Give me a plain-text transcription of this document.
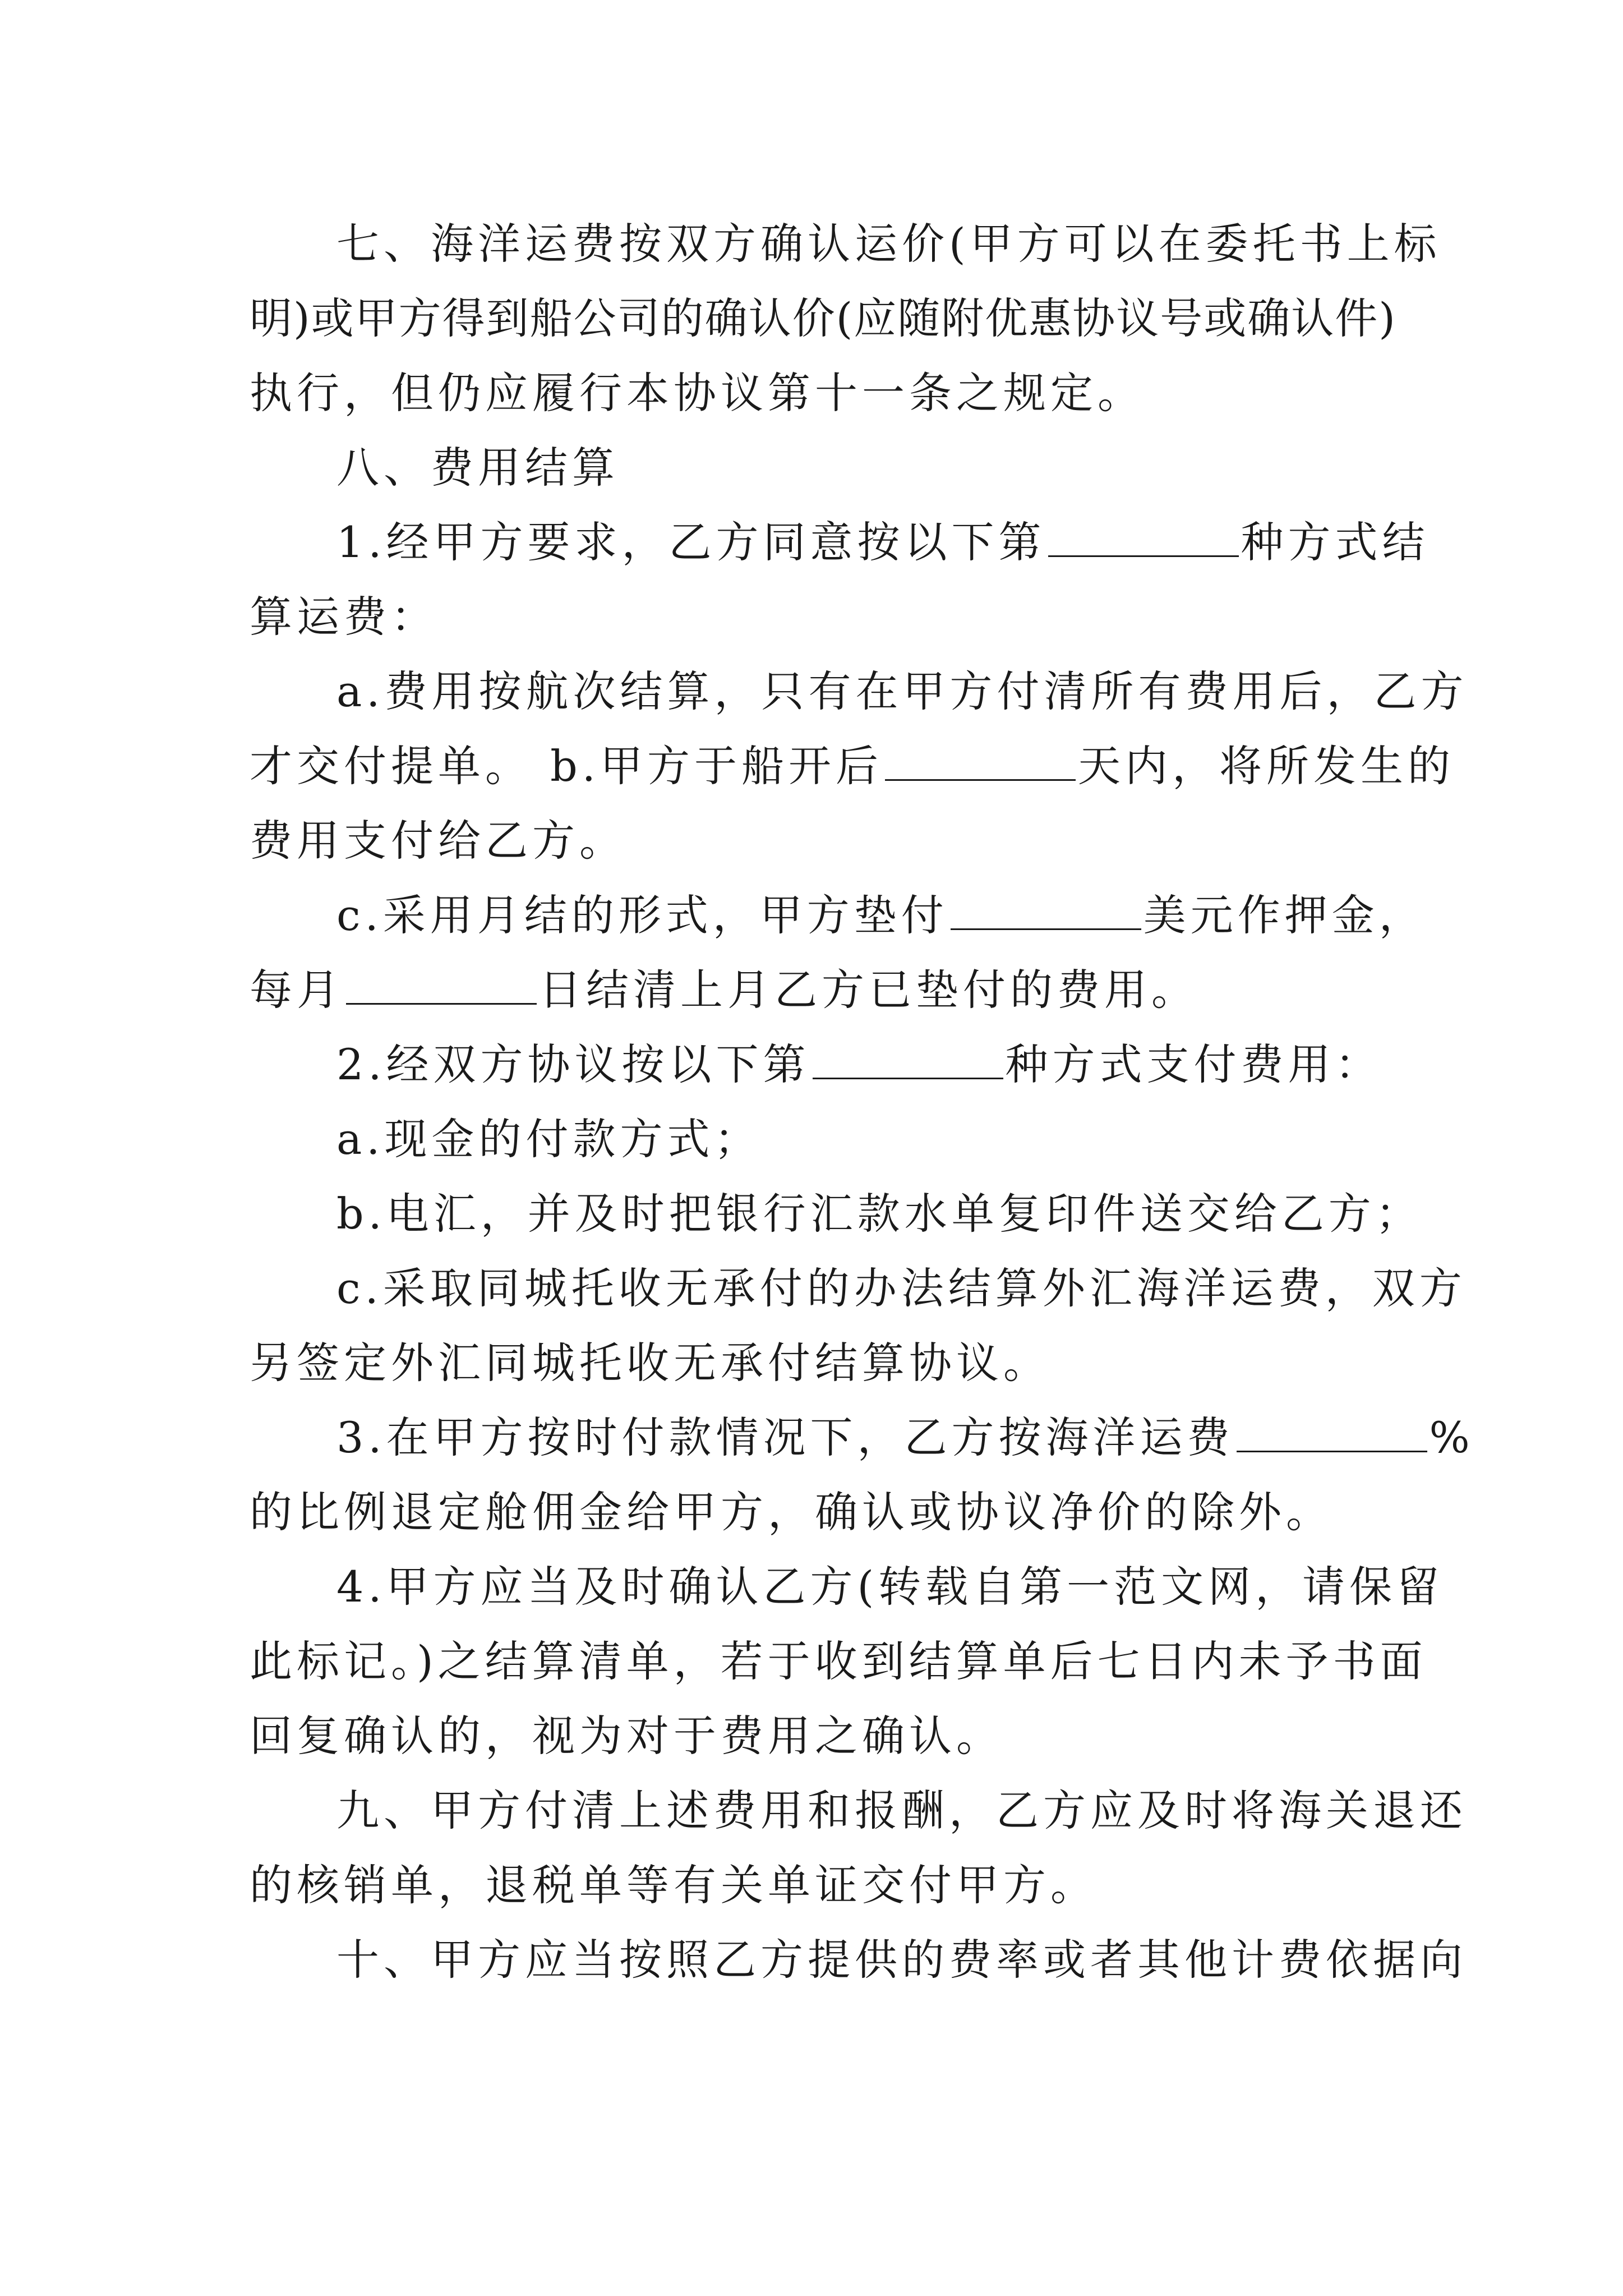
七、海洋运费按双方确认运价(甲方可以在委托书上标
明)或甲方得到船公司的确认价(应随附优惠协议号或确认件)
执行，但仍应履行本协议第十一条之规定。
八、费用结算
1.经甲方要求，乙方同意按以下第	种方式结
算运费：
a.费用按航次结算，只有在甲方付清所有费用后，乙方
才交付提单。 b.甲方于船开后	天内，将所发生的
费用支付给乙方。
c.采用月结的形式，甲方垫付	美元作押金，
每月	日结清上月乙方已垫付的费用。
2.经双方协议按以下第	种方式支付费用：
a.现金的付款方式；
b.电汇，并及时把银行汇款水单复印件送交给乙方；
c.采取同城托收无承付的办法结算外汇海洋运费，双方
另签定外汇同城托收无承付结算协议。
3.在甲方按时付款情况下，乙方按海洋运费	%
的比例退定舱佣金给甲方，确认或协议净价的除外。
4.甲方应当及时确认乙方(转载自第一范文网，请保留
此标记。)之结算清单，若于收到结算单后七日内未予书面
回复确认的，视为对于费用之确认。
九、甲方付清上述费用和报酬，乙方应及时将海关退还
的核销单，退税单等有关单证交付甲方。
十、甲方应当按照乙方提供的费率或者其他计费依据向
